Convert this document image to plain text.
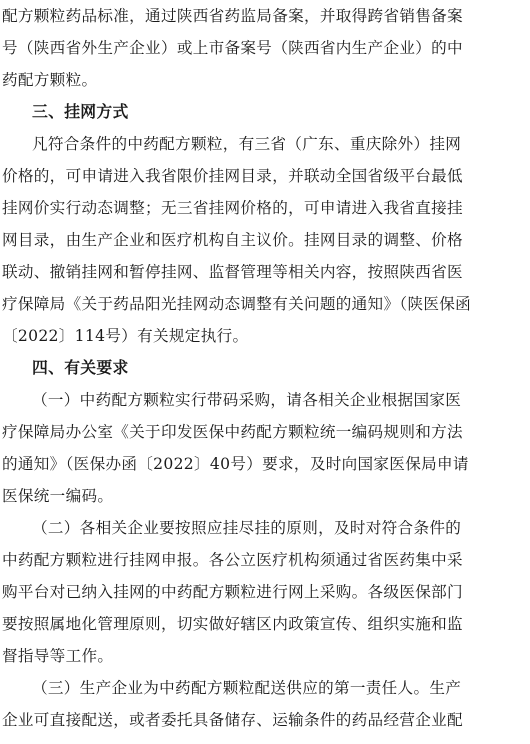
配方颗粒药品标准，通过陕西省药监局备案，并取得跨省销售备案
号（陕西省外生产企业）或上市备案号（陕西省内生产企业）的中
药配方颗粒。
三、挂网方式
凡符合条件的中药配方颗粒，有三省（广东、重庆除外）挂网
价格的，可申请进入我省限价挂网目录，并联动全国省级平台最低
挂网价实行动态调整；无三省挂网价格的，可申请进入我省直接挂
网目录，由生产企业和医疗机构自主议价。挂网目录的调整、价格
联动、撤销挂网和暂停挂网、监督管理等相关内容，按照陕西省医
疗保障局《关于药品阳光挂网动态调整有关问题的通知》（陕医保函
〔2022〕114号）有关规定执行。
四、有关要求
（一）中药配方颗粒实行带码采购，请各相关企业根据国家医
疗保障局办公室《关于印发医保中药配方颗粒统一编码规则和方法
的通知》（医保办函〔2022〕40号）要求，及时向国家医保局申请
医保统一编码。
（二）各相关企业要按照应挂尽挂的原则，及时对符合条件的
中药配方颗粒进行挂网申报。各公立医疗机构须通过省医药集中采
购平台对已纳入挂网的中药配方颗粒进行网上采购。各级医保部门
要按照属地化管理原则，切实做好辖区内政策宣传、组织实施和监
督指导等工作。
（三）生产企业为中药配方颗粒配送供应的第一责任人。生产
企业可直接配送，或者委托具备储存、运输条件的药品经营企业配
